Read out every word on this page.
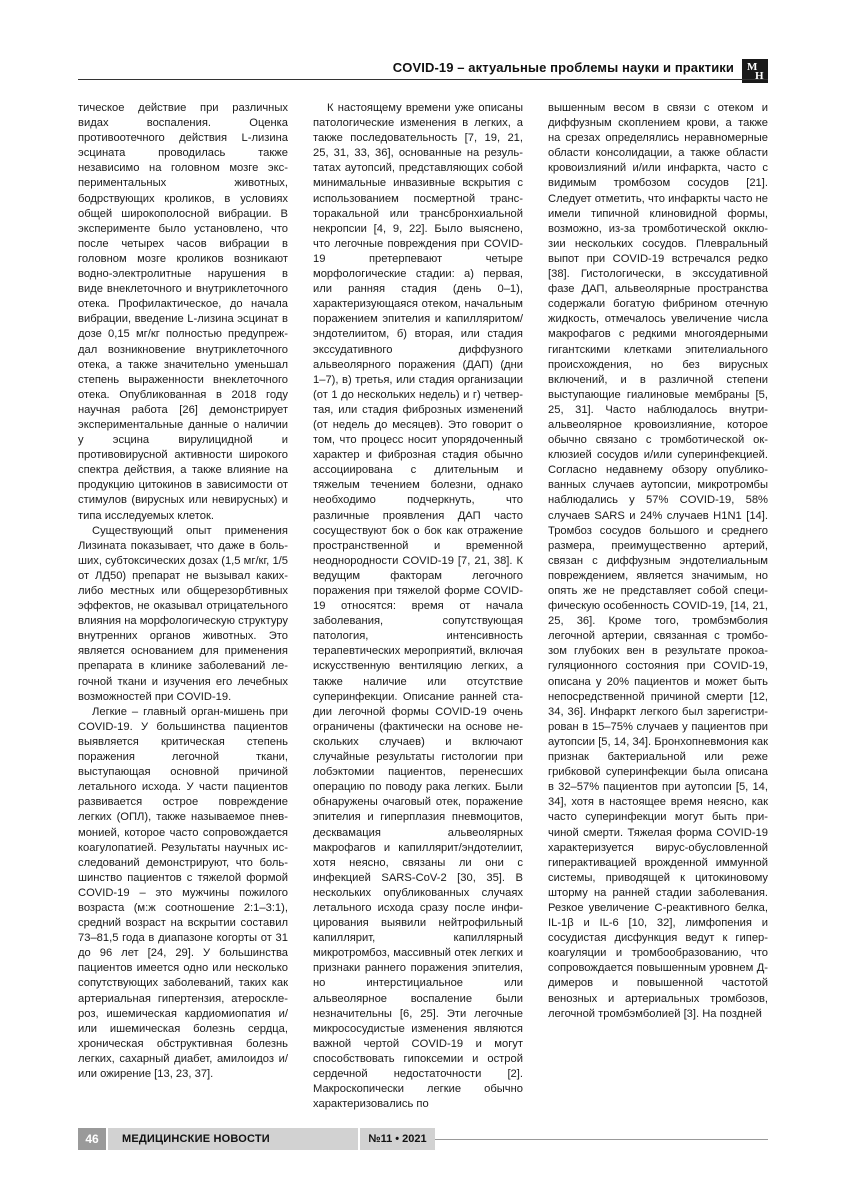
COVID-19 – актуальные проблемы науки и практики М
Н

тическое действие при различных видах воспаления. Оценка противоотечного действия L-лизина эсцината проводилась также независимо на головном мозге экспериментальных животных, бодрствующих кроликов, в условиях общей широкополосной вибрации. В эксперименте было установлено, что после четырех часов вибрации в головном мозге кроликов возникают водно-электролитные нарушения в виде внеклеточного и внутриклеточного отека. Профилактическое, до начала вибрации, введение L-лизина эсцинат в дозе 0,15 мг/кг полностью предупреждал возникновение внутриклеточного отека, а также значительно уменьшал степень выраженности внеклеточного отека. Опубликованная в 2018 году научная работа [26] демонстрирует экспериментальные данные о наличии у эсцина вирулицидной и противовирусной активности широкого спектра действия, а также влияние на продукцию цитокинов в зависимости от стимулов (вирусных или невирусных) и типа исследуемых клеток.

Существующий опыт применения Лизината показывает, что даже в больших, субтоксических дозах (1,5 мг/кг, 1/5 от ЛД50) препарат не вызывал каких-либо местных или общерезорбтивных эффектов, не оказывал отрицательного влияния на морфологическую структуру внутренних органов животных. Это является основанием для применения препарата в клинике заболеваний легочной ткани и изучения его лечебных возможностей при COVID-19.

Легкие – главный орган-мишень при COVID-19. У большинства пациентов выявляется критическая степень поражения легочной ткани, выступающая основной причиной летального исхода. У части пациентов развивается острое повреждение легких (ОПЛ), также называемое пневмонией, которое часто сопровождается коагулопатией. Результаты научных исследований демонстрируют, что большинство пациентов с тяжелой формой COVID-19 – это мужчины пожилого возраста (м:ж соотношение 2:1–3:1), средний возраст на вскрытии составил 73–81,5 года в диапазоне когорты от 31 до 96 лет [24, 29]. У большинства пациентов имеется одно или несколько сопутствующих заболеваний, таких как артериальная гипертензия, атеросклероз, ишемическая кардиомиопатия и/или ишемическая болезнь сердца, хроническая обструктивная болезнь легких, сахарный диабет, амилоидоз и/или ожирение [13, 23, 37].

К настоящему времени уже описаны патологические изменения в легких, а также последовательность [7, 19, 21, 25, 31, 33, 36], основанные на результатах аутопсий, представляющих собой минимальные инвазивные вскрытия с использованием посмертной трансторакальной или трансбронхиальной некропсии [4, 9, 22]. Было выяснено, что легочные повреждения при COVID-19 претерпевают четыре морфологические стадии: а) первая, или ранняя стадия (день 0–1), характеризующаяся отеком, начальным поражением эпителия и капилляритом/эндотелиитом, б) вторая, или стадия экссудативного диффузного альвеолярного поражения (ДАП) (дни 1–7), в) третья, или стадия организации (от 1 до нескольких недель) и г) четвертая, или стадия фиброзных изменений (от недель до месяцев). Это говорит о том, что процесс носит упорядоченный характер и фиброзная стадия обычно ассоциирована с длительным и тяжелым течением болезни, однако необходимо подчеркнуть, что различные проявления ДАП часто сосуществуют бок о бок как отражение пространственной и временной неоднородности COVID-19 [7, 21, 38]. К ведущим факторам легочного поражения при тяжелой форме COVID-19 относятся: время от начала заболевания, сопутствующая патология, интенсивность терапевтических мероприятий, включая искусственную вентиляцию легких, а также наличие или отсутствие суперинфекции. Описание ранней стадии легочной формы COVID-19 очень ограничены (фактически на основе нескольких случаев) и включают случайные результаты гистологии при лобэктомии пациентов, перенесших операцию по поводу рака легких. Были обнаружены очаговый отек, поражение эпителия и гиперплазия пневмоцитов, десквамация альвеолярных макрофагов и капиллярит/эндотелиит, хотя неясно, связаны ли они с инфекцией SARS-CoV-2 [30, 35]. В нескольких опубликованных случаях летального исхода сразу после инфицирования выявили нейтрофильный капиллярит, капиллярный микротромбоз, массивный отек легких и признаки раннего поражения эпителия, но интерстициальное или альвеолярное воспаление были незначительны [6, 25]. Эти легочные микрососудистые изменения являются важной чертой COVID-19 и могут способствовать гипоксемии и острой сердечной недостаточности [2]. Макроскопически легкие обычно характеризовались по

вышенным весом в связи с отеком и диффузным скоплением крови, а также на срезах определялись неравномерные области консолидации, а также области кровоизлияний и/или инфаркта, часто с видимым тромбозом сосудов [21]. Следует отметить, что инфаркты часто не имели типичной клиновидной формы, возможно, из-за тромботической окклюзии нескольких сосудов. Плевральный выпот при COVID-19 встречался редко [38]. Гистологически, в экссудативной фазе ДАП, альвеолярные пространства содержали богатую фибрином отечную жидкость, отмечалось увеличение числа макрофагов с редкими многоядерными гигантскими клетками эпителиального происхождения, но без вирусных включений, и в различной степени выступающие гиалиновые мембраны [5, 25, 31]. Часто наблюдалось внутриальвеолярное кровоизлияние, которое обычно связано с тромботической окклюзией сосудов и/или суперинфекцией. Согласно недавнему обзору опубликованных случаев аутопсии, микротромбы наблюдались у 57% COVID-19, 58% случаев SARS и 24% случаев H1N1 [14]. Тромбоз сосудов большого и среднего размера, преимущественно артерий, связан с диффузным эндотелиальным повреждением, является значимым, но опять же не представляет собой специфическую особенность COVID-19, [14, 21, 25, 36]. Кроме того, тромбэмболия легочной артерии, связанная с тромбозом глубоких вен в результате прокоагуляционного состояния при COVID-19, описана у 20% пациентов и может быть непосредственной причиной смерти [12, 34, 36]. Инфаркт легкого был зарегистрирован в 15–75% случаев у пациентов при аутопсии [5, 14, 34]. Бронхопневмония как признак бактериальной или реже грибковой суперинфекции была описана в 32–57% пациентов при аутопсии [5, 14, 34], хотя в настоящее время неясно, как часто суперинфекции могут быть причиной смерти. Тяжелая форма COVID-19 характеризуется вирус-обусловленной гиперактивацией врожденной иммунной системы, приводящей к цитокиновому шторму на ранней стадии заболевания. Резкое увеличение С-реактивного белка, IL-1β и IL-6 [10, 32], лимфопения и сосудистая дисфункция ведут к гиперкоагуляции и тромбообразованию, что сопровождается повышенным уровнем Д-димеров и повышенной частотой венозных и артериальных тромбозов, легочной тромбэмболией [3]. На поздней

46	МЕДИЦИНСКИЕ НОВОСТИ	№11 • 2021
